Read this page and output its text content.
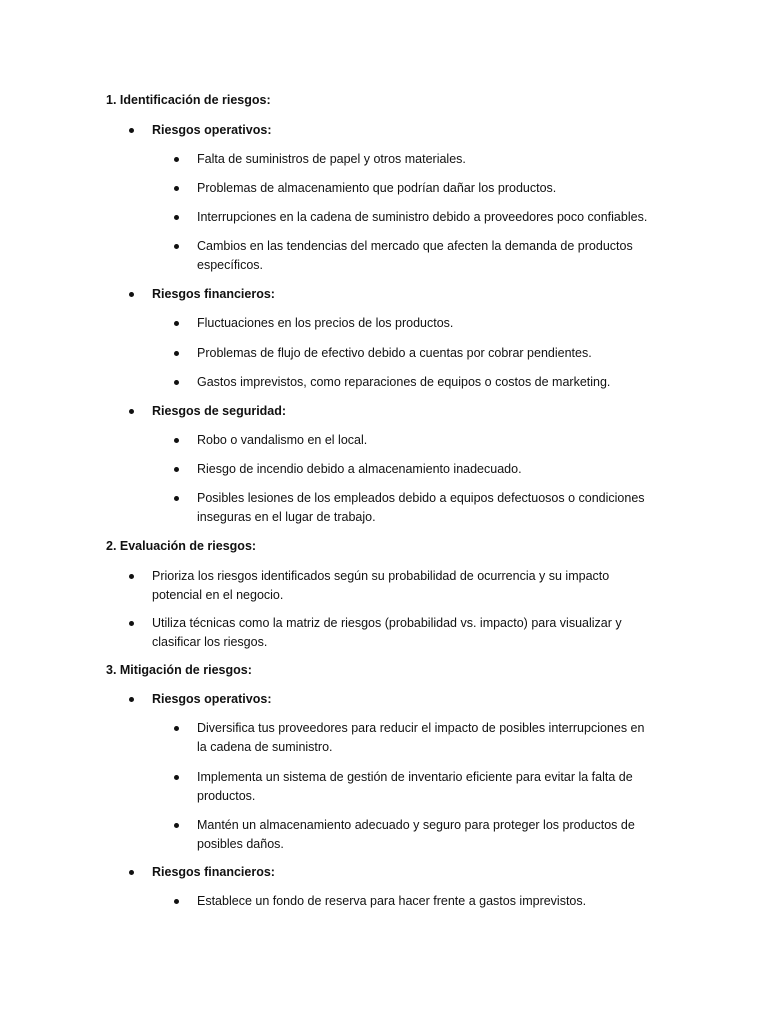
1. Identificación de riesgos:
Riesgos operativos:
Falta de suministros de papel y otros materiales.
Problemas de almacenamiento que podrían dañar los productos.
Interrupciones en la cadena de suministro debido a proveedores poco confiables.
Cambios en las tendencias del mercado que afecten la demanda de productos
específicos.
Riesgos financieros:
Fluctuaciones en los precios de los productos.
Problemas de flujo de efectivo debido a cuentas por cobrar pendientes.
Gastos imprevistos, como reparaciones de equipos o costos de marketing.
Riesgos de seguridad:
Robo o vandalismo en el local.
Riesgo de incendio debido a almacenamiento inadecuado.
Posibles lesiones de los empleados debido a equipos defectuosos o condiciones
inseguras en el lugar de trabajo.
2. Evaluación de riesgos:
Prioriza los riesgos identificados según su probabilidad de ocurrencia y su impacto
potencial en el negocio.
Utiliza técnicas como la matriz de riesgos (probabilidad vs. impacto) para visualizar y
clasificar los riesgos.
3. Mitigación de riesgos:
Riesgos operativos:
Diversifica tus proveedores para reducir el impacto de posibles interrupciones en
la cadena de suministro.
Implementa un sistema de gestión de inventario eficiente para evitar la falta de
productos.
Mantén un almacenamiento adecuado y seguro para proteger los productos de
posibles daños.
Riesgos financieros:
Establece un fondo de reserva para hacer frente a gastos imprevistos.
